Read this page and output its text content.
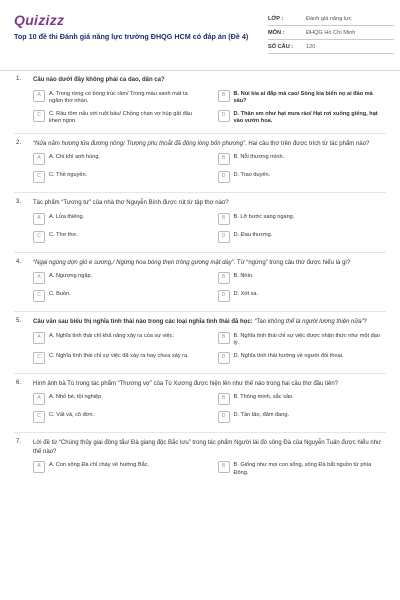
Quizizz
Top 10 đề thi Đánh giá năng lực trường ĐHQG HCM có đáp án (Đề 4)
LỚP :	Đánh giá năng lực
MÔN :	ĐHQG Hồ Chí Minh
SỐ CÂU :	120
1. Câu nào dưới đây không phải ca dao, dân ca?
A	A. Trong rừng có bóng trúc râm/ Trong màu xanh mát ta ngâm thơ nhàn.
B	B. Núi kia ai đắp mà cao/ Sông kia biển nọ ai đào mà sâu?
C	C. Rầu tôm nấu với ruột bầu/ Chồng chan vợ húp gật đầu khen ngon.
D	D. Thân em như hạt mưa rào/ Hạt rơi xuống giếng, hạt vào vườn hoa.
2. “Nửa năm hương lửa đương nồng/ Trượng phu thoắt đã động lòng bốn phương”. Hai câu thơ trên được trích từ tác phẩm nào?
A	A. Chí khí anh hùng.	B	B. Nỗi thương mình.
C	C. Thề nguyền.	D	D. Trao duyên.
3. Tác phẩm “Tương tư” của nhà thơ Nguyễn Bính được rút từ tập thơ nào?
A	A. Lửa thiêng.	B	B. Lỡ bước sang ngang.
C	C. Thơ thơ.	D	D. Đau thương.
4. “Ngại ngùng dợn gió e sương,/ Ngừng hoa bóng thẹn trông gương mặt dày”. Từ “ngừng” trong câu thơ được hiểu là gì?
A	A. Ngượng ngập.	B	B. Nhìn.
C	C. Buồn.	D	D. Xót xa.
5. Câu văn sau biểu thị nghĩa tình thái nào trong các loại nghĩa tình thái đã học: “Tao không thể là người lương thiện nữa”?
A	A. Nghĩa tình thái chỉ khả năng xảy ra của sự việc.	B	B. Nghĩa tình thái chỉ sự việc được nhận thức như một đạo lý.
C	C. Nghĩa tình thái chỉ sự việc đã xảy ra hay chưa xảy ra.	D	D. Nghĩa tình thái hướng về người đối thoại.
6. Hình ảnh bà Tú trong tác phẩm “Thương vợ” của Tú Xương được hiện lên như thế nào trong hai câu thơ đầu tiên?
A	A. Nhỏ bé, tội nghiệp.	B	B. Thông minh, sắc sảo.
C	C. Vất vả, cô đơn.	D	D. Tần tảo, đảm đang.
7. Lời đề từ “Chúng thủy giai đông tẩu/ Đà giang độc Bắc lưu” trong tác phẩm Người lái đò sông Đà của Nguyễn Tuân được hiểu như thế nào?
A	A. Con sông Đà chỉ chảy về hướng Bắc.	B	B. Giống như mọi con sông, sông Đà bắt nguồn từ phía Đông.
